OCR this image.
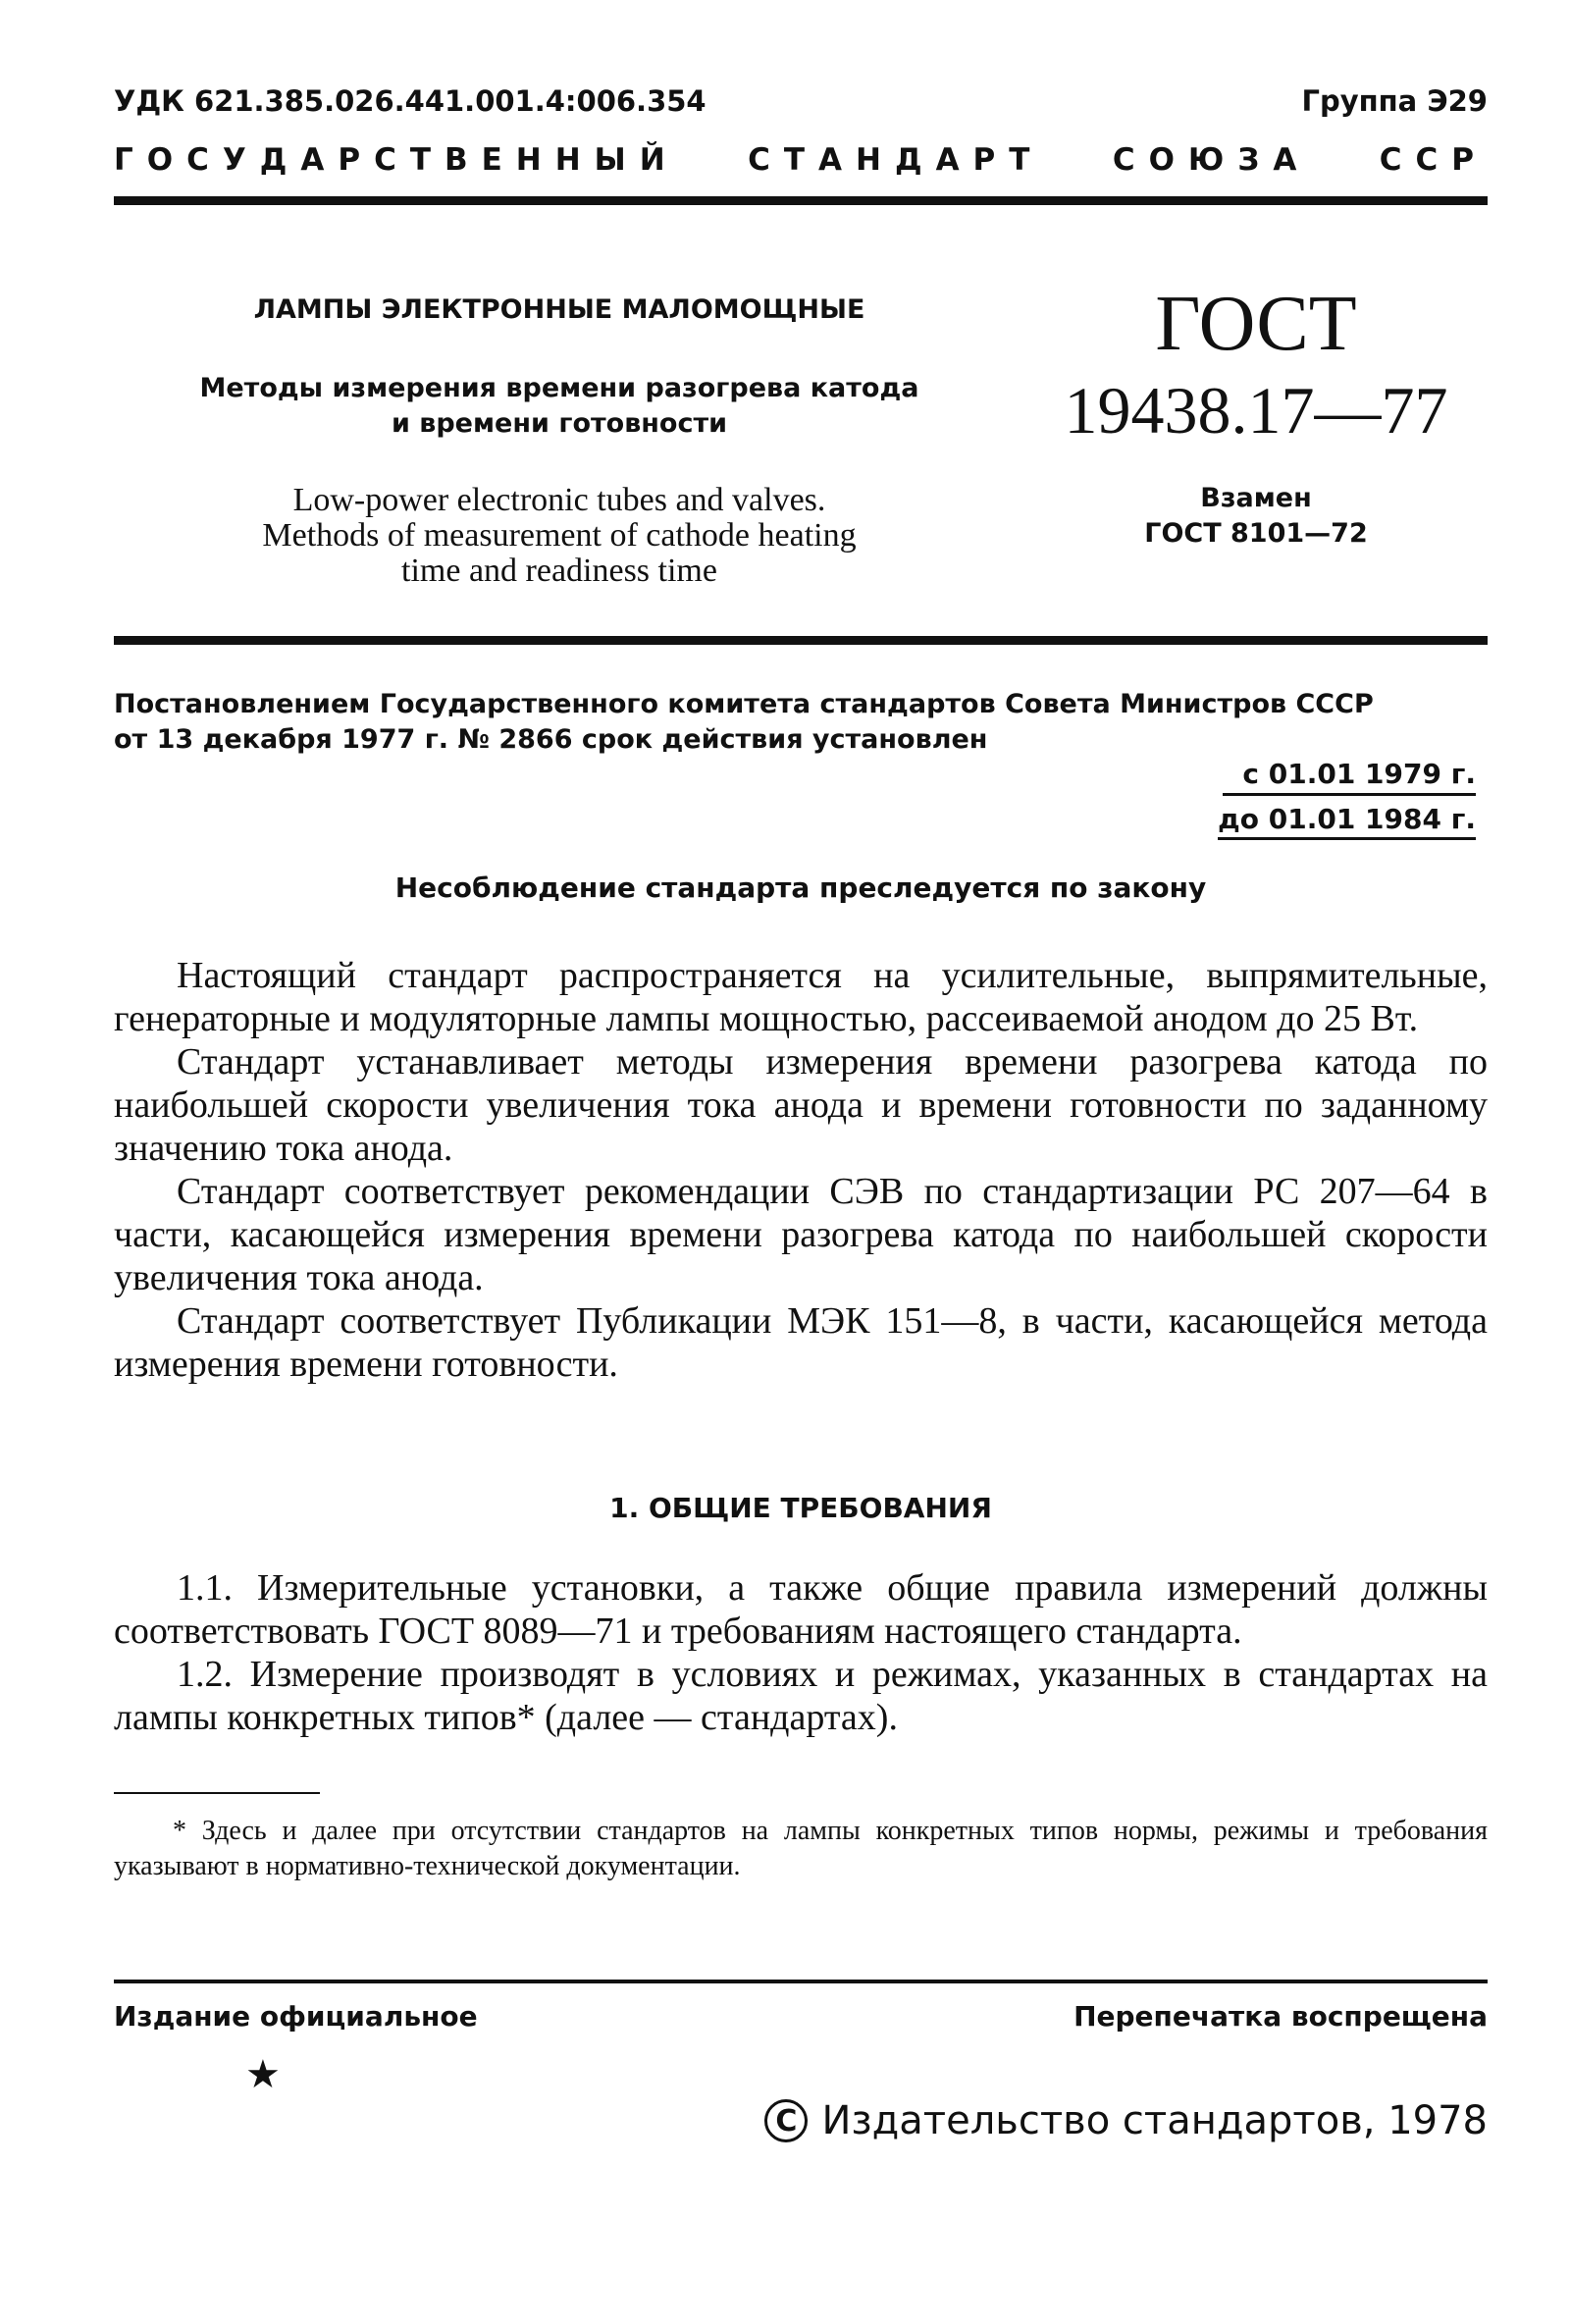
УДК 621.385.026.441.001.4:006.354	Группа Э29
ГОСУДАРСТВЕННЫЙ СТАНДАРТ СОЮЗА ССР
ЛАМПЫ ЭЛЕКТРОННЫЕ МАЛОМОЩНЫЕ
Методы измерения времени разогрева катода
и времени готовности
Low-power electronic tubes and valves.
Methods of measurement of cathode heating
time and readiness time
ГОСТ
19438.17—77
Взамен
ГОСТ 8101—72
Постановлением Государственного комитета стандартов Совета Министров СССР
от 13 декабря 1977 г. № 2866 срок действия установлен
с 01.01 1979 г.
до 01.01 1984 г.
Несоблюдение стандарта преследуется по закону

Настоящий стандарт распространяется на усилительные, выпрямительные, генераторные и модуляторные лампы мощностью, рассеиваемой анодом до 25 Вт.

Стандарт устанавливает методы измерения времени разогрева катода по наибольшей скорости увеличения тока анода и времени готовности по заданному значению тока анода.

Стандарт соответствует рекомендации СЭВ по стандартизации РС 207—64 в части, касающейся измерения времени разогрева катода по наибольшей скорости увеличения тока анода.

Стандарт соответствует Публикации МЭК 151—8, в части, касающейся метода измерения времени готовности.

1. ОБЩИЕ ТРЕБОВАНИЯ

1.1. Измерительные установки, а также общие правила измерений должны соответствовать ГОСТ 8089—71 и требованиям настоящего стандарта.

1.2. Измерение производят в условиях и режимах, указанных в стандартах на лампы конкретных типов* (далее — стандартах).

* Здесь и далее при отсутствии стандартов на лампы конкретных типов нормы, режимы и требования указывают в нормативно-технической документации.

Издание официальное	Перепечатка воспрещена
★
C Издательство стандартов, 1978
